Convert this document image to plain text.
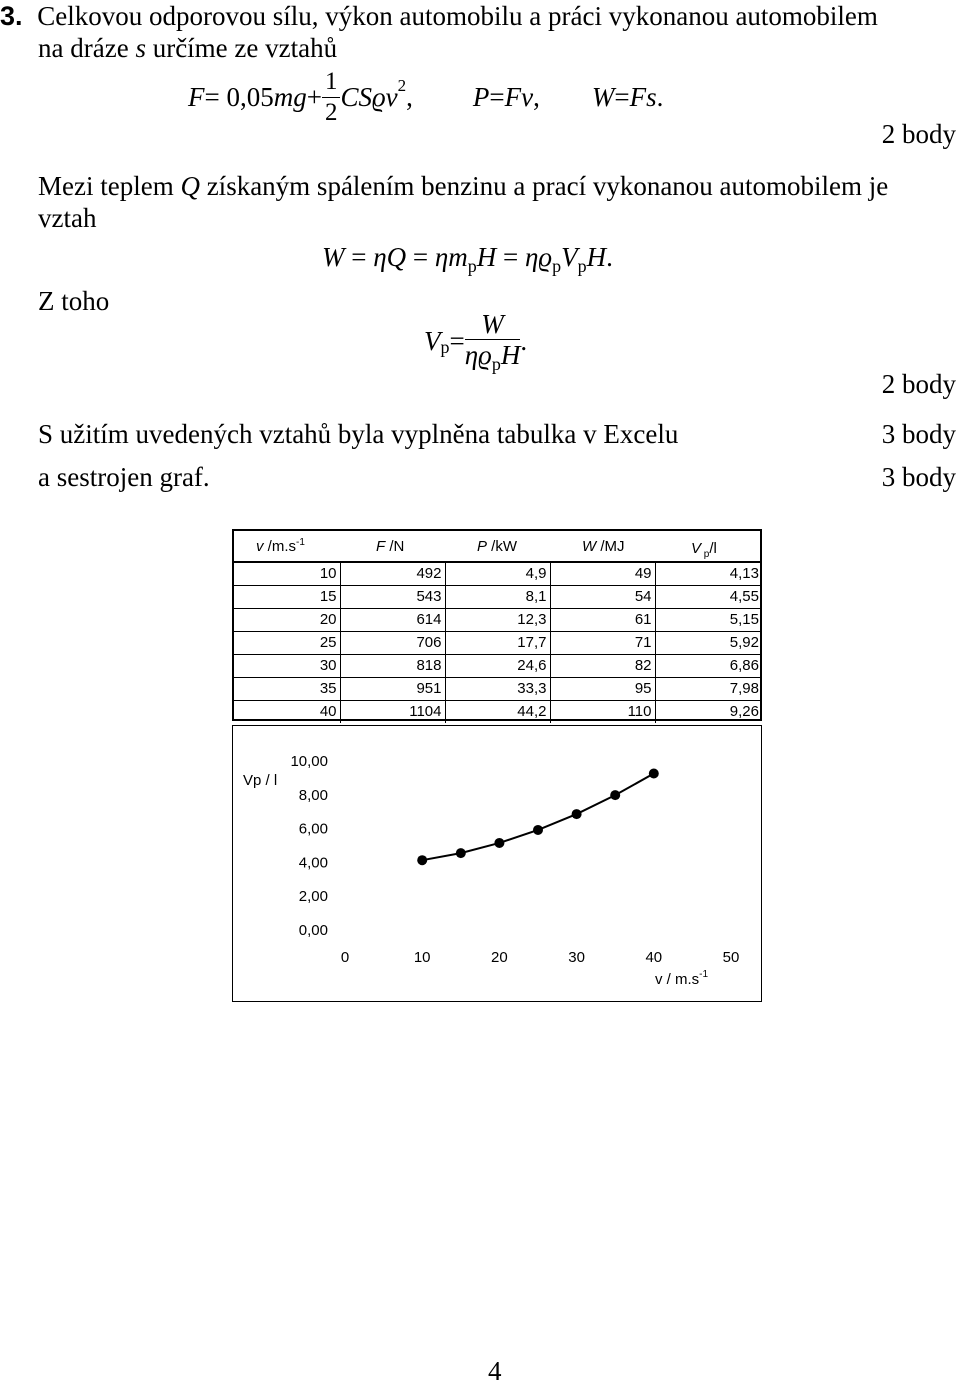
3. Celkovou odporovou sílu, výkon automobilu a práci vykonanou automobilem
na dráze s určíme ze vztahů
F = 0,05 mg + $\frac{1}{2}$ CSϱv 2 , P = Fv , W = Fs .
2 body
Mezi teplem Q získaným spálením benzinu a prací vykonanou automobilem je
vztah
$W = \eta Q = \eta m_pH = \eta ϱ_pV_pH$.
Z toho
V $p = \frac{W}{\eta ϱ_pH}$ .
2 body
S užitím uvedených vztahů byla vyplněna tabulka v Excelu	3 body
a sestrojen graf.	3 body
v $/m.s^{-1}$	F /N	P /kW	W /MJ	V $_p$/l
10	492	4,9	49	4,13
15	543	8,1	54	4,55
20	614	12,3	61	5,15
25	706	17,7	71	5,92
30	818	24,6	82	6,86
35	951	33,3	95	7,98
40	1104	44,2	110	9,26
Vp / l
0,00
2,00
4,00
6,00
8,00
10,00
0	10	20	30	40	50
v / $m.s^{-1}$
4
